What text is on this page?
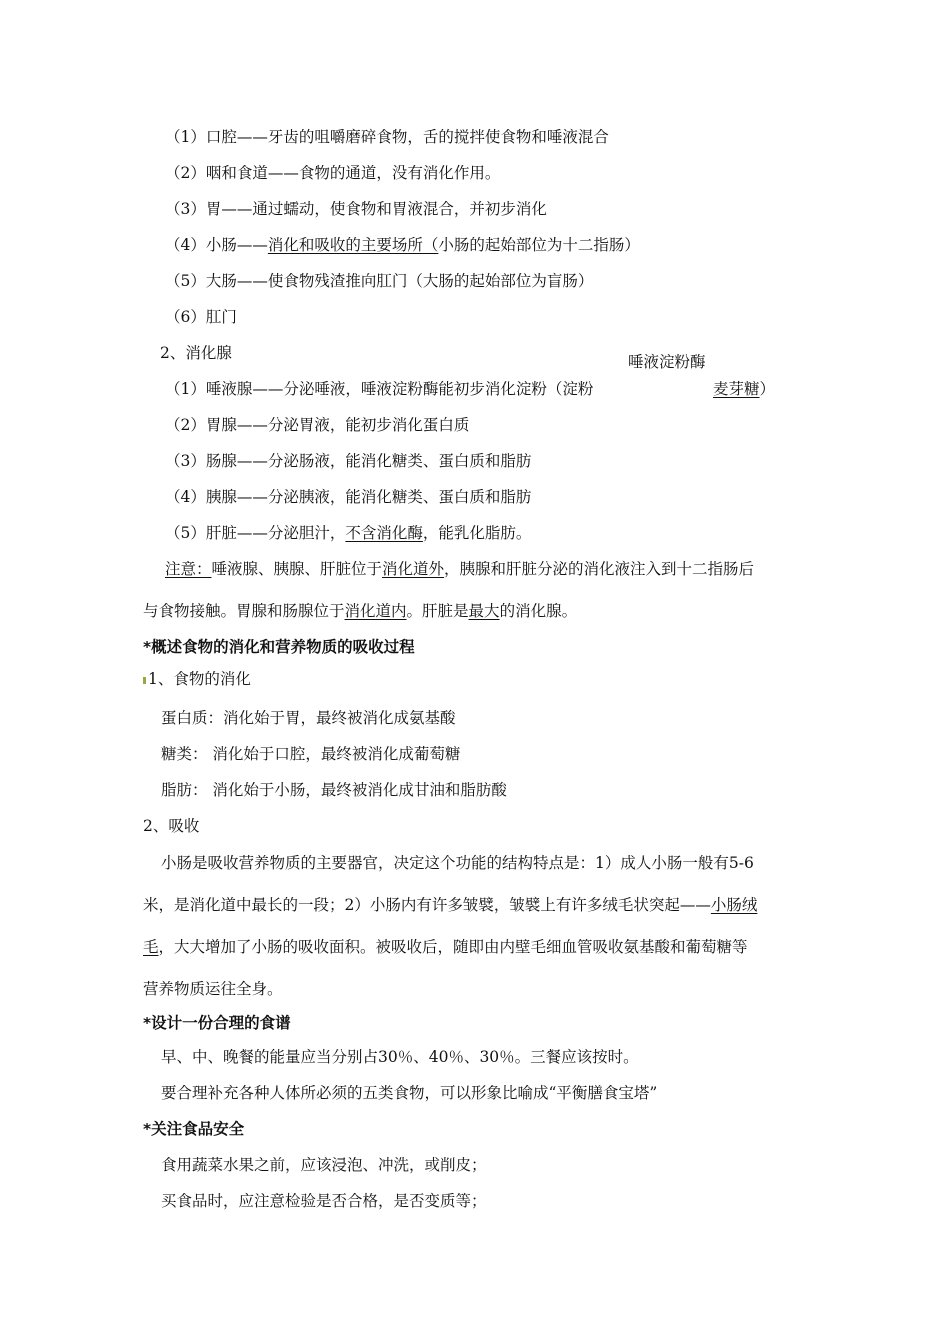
（1）口腔——牙齿的咀嚼磨碎食物，舌的搅拌使食物和唾液混合
（2）咽和食道——食物的通道，没有消化作用。
（3）胃——通过蠕动，使食物和胃液混合，并初步消化
（4）小肠——消化和吸收的主要场所（小肠的起始部位为十二指肠）
（5）大肠——使食物残渣推向肛门（大肠的起始部位为盲肠）
（6）肛门
2、消化腺	唾液淀粉酶
（1）唾液腺——分泌唾液，唾液淀粉酶能初步消化淀粉（淀粉	麦芽糖）
（2）胃腺——分泌胃液，能初步消化蛋白质
（3）肠腺——分泌肠液，能消化糖类、蛋白质和脂肪
（4）胰腺——分泌胰液，能消化糖类、蛋白质和脂肪
（5）肝脏——分泌胆汁，不含消化酶，能乳化脂肪。
注意：唾液腺、胰腺、肝脏位于消化道外，胰腺和肝脏分泌的消化液注入到十二指肠后
与食物接触。胃腺和肠腺位于消化道内。肝脏是最大的消化腺。
*概述食物的消化和营养物质的吸收过程
1、食物的消化
蛋白质：消化始于胃，最终被消化成氨基酸
糖类： 消化始于口腔，最终被消化成葡萄糖
脂肪： 消化始于小肠，最终被消化成甘油和脂肪酸
2、吸收
小肠是吸收营养物质的主要器官，决定这个功能的结构特点是：1）成人小肠一般有5-6
米，是消化道中最长的一段；2）小肠内有许多皱襞，皱襞上有许多绒毛状突起——小肠绒
毛，大大增加了小肠的吸收面积。被吸收后，随即由内壁毛细血管吸收氨基酸和葡萄糖等
营养物质运往全身。
*设计一份合理的食谱
早、中、晚餐的能量应当分别占30％、40％、30％。三餐应该按时。
要合理补充各种人体所必须的五类食物，可以形象比喻成“平衡膳食宝塔”
*关注食品安全
食用蔬菜水果之前，应该浸泡、冲洗，或削皮；
买食品时，应注意检验是否合格，是否变质等；
